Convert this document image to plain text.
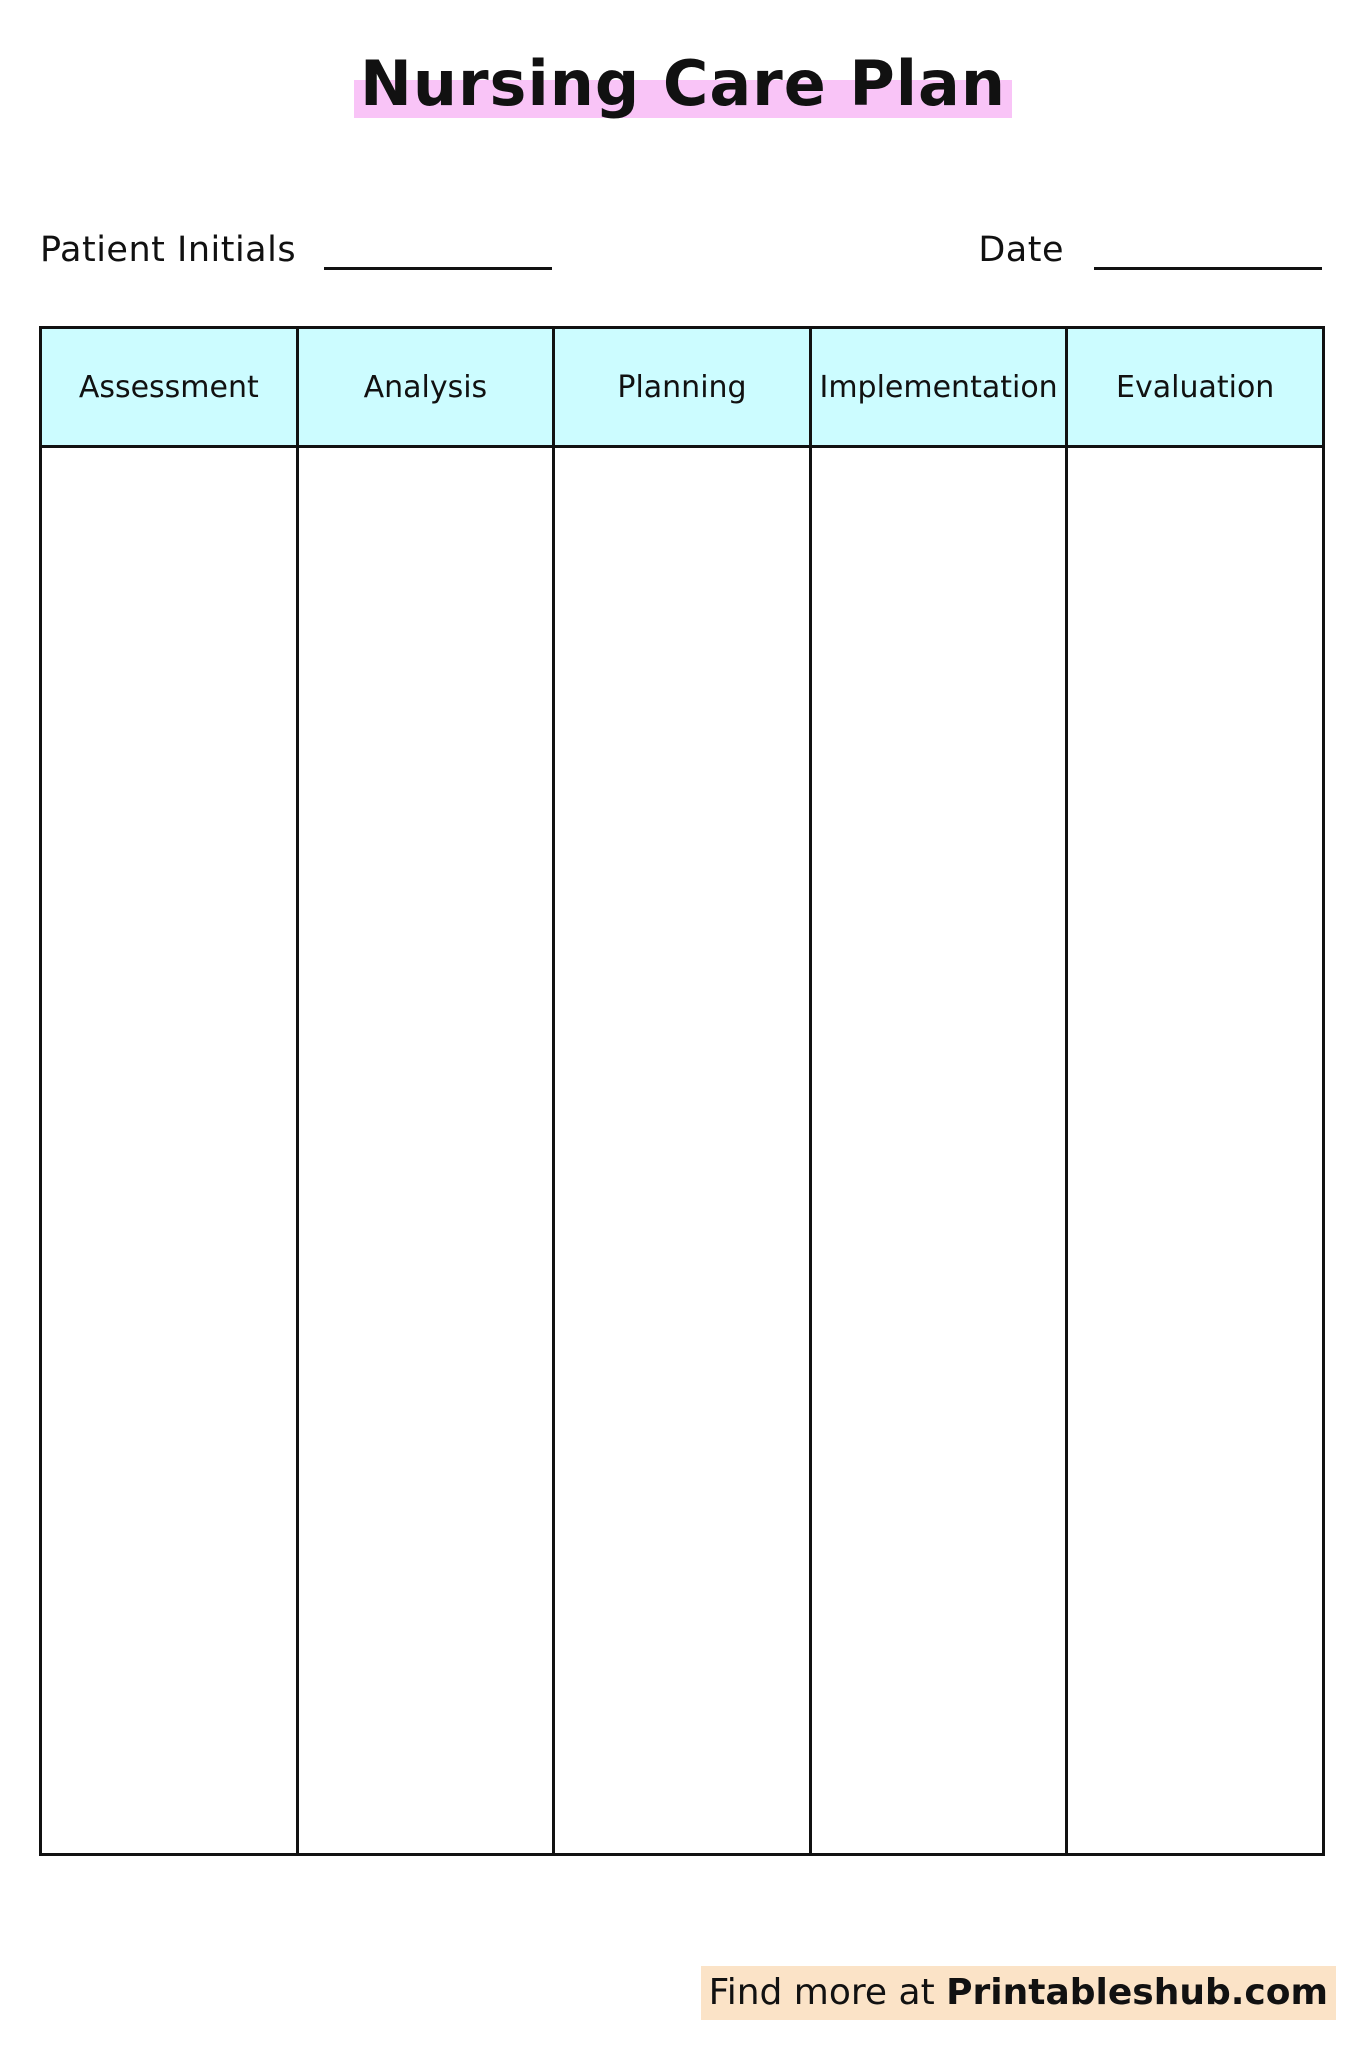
Nursing Care Plan
Patient Initials	Date
Assessment	Analysis	Planning	Implementation	Evaluation

Find more at
Printableshub.com
